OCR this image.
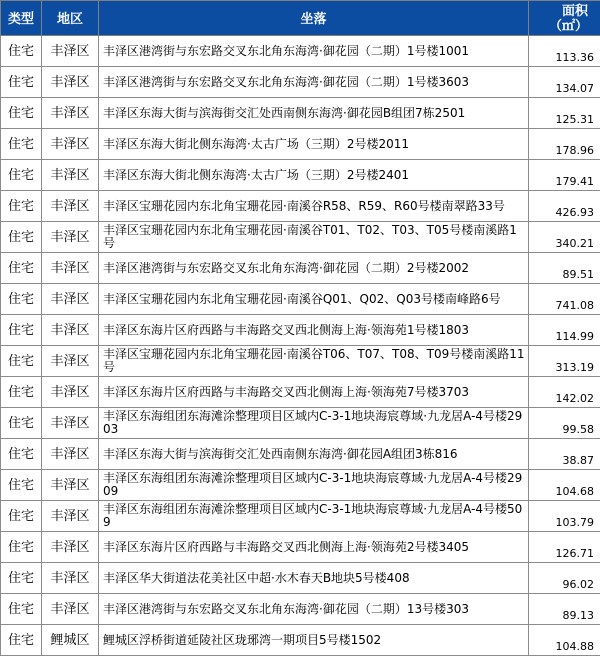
类型	地区	坐落	面积
（㎡）
住宅	丰泽区	丰泽区港湾街与东宏路交叉东北角东海湾·御花园（二期）1号楼1001	113.36
住宅	丰泽区	丰泽区港湾街与东宏路交叉东北角东海湾·御花园（二期）1号楼3603	134.07
住宅	丰泽区	丰泽区东海大街与滨海街交汇处西南侧东海湾·御花园B组团7栋2501	125.31
住宅	丰泽区	丰泽区东海大街北侧东海湾·太古广场（三期）2号楼2011	178.96
住宅	丰泽区	丰泽区东海大街北侧东海湾·太古广场（三期）2号楼2401	179.41
住宅	丰泽区	丰泽区宝珊花园内东北角宝珊花园·南溪谷R58、R59、R60号楼南翠路33号	426.93
住宅	丰泽区	丰泽区宝珊花园内东北角宝珊花园·南溪谷T01、T02、T03、T05号楼南溪路1号	340.21
住宅	丰泽区	丰泽区港湾街与东宏路交叉东北角东海湾·御花园（二期）2号楼2002	89.51
住宅	丰泽区	丰泽区宝珊花园内东北角宝珊花园·南溪谷Q01、Q02、Q03号楼南峰路6号	741.08
住宅	丰泽区	丰泽区东海片区府西路与丰海路交叉西北侧海上海·领海苑1号楼1803	114.99
住宅	丰泽区	丰泽区宝珊花园内东北角宝珊花园·南溪谷T06、T07、T08、T09号楼南溪路11号	313.19
住宅	丰泽区	丰泽区东海片区府西路与丰海路交叉西北侧海上海·领海苑7号楼3703	142.02
住宅	丰泽区	丰泽区东海组团东海滩涂整理项目区域内C-3-1地块海宸尊域·九龙居A-4号楼2903	99.58
住宅	丰泽区	丰泽区东海大街与滨海街交汇处西南侧东海湾·御花园A组团3栋816	38.87
住宅	丰泽区	丰泽区东海组团东海滩涂整理项目区域内C-3-1地块海宸尊域·九龙居A-4号楼2909	104.68
住宅	丰泽区	丰泽区东海组团东海滩涂整理项目区域内C-3-1地块海宸尊域·九龙居A-4号楼509	103.79
住宅	丰泽区	丰泽区东海片区府西路与丰海路交叉西北侧海上海·领海苑2号楼3405	126.71
住宅	丰泽区	丰泽区华大街道法花美社区中超·水木春天B地块5号楼408	96.02
住宅	丰泽区	丰泽区港湾街与东宏路交叉东北角东海湾·御花园（二期）13号楼303	89.13
住宅	鲤城区	鲤城区浮桥街道延陵社区珑琊湾一期项目5号楼1502	104.88
